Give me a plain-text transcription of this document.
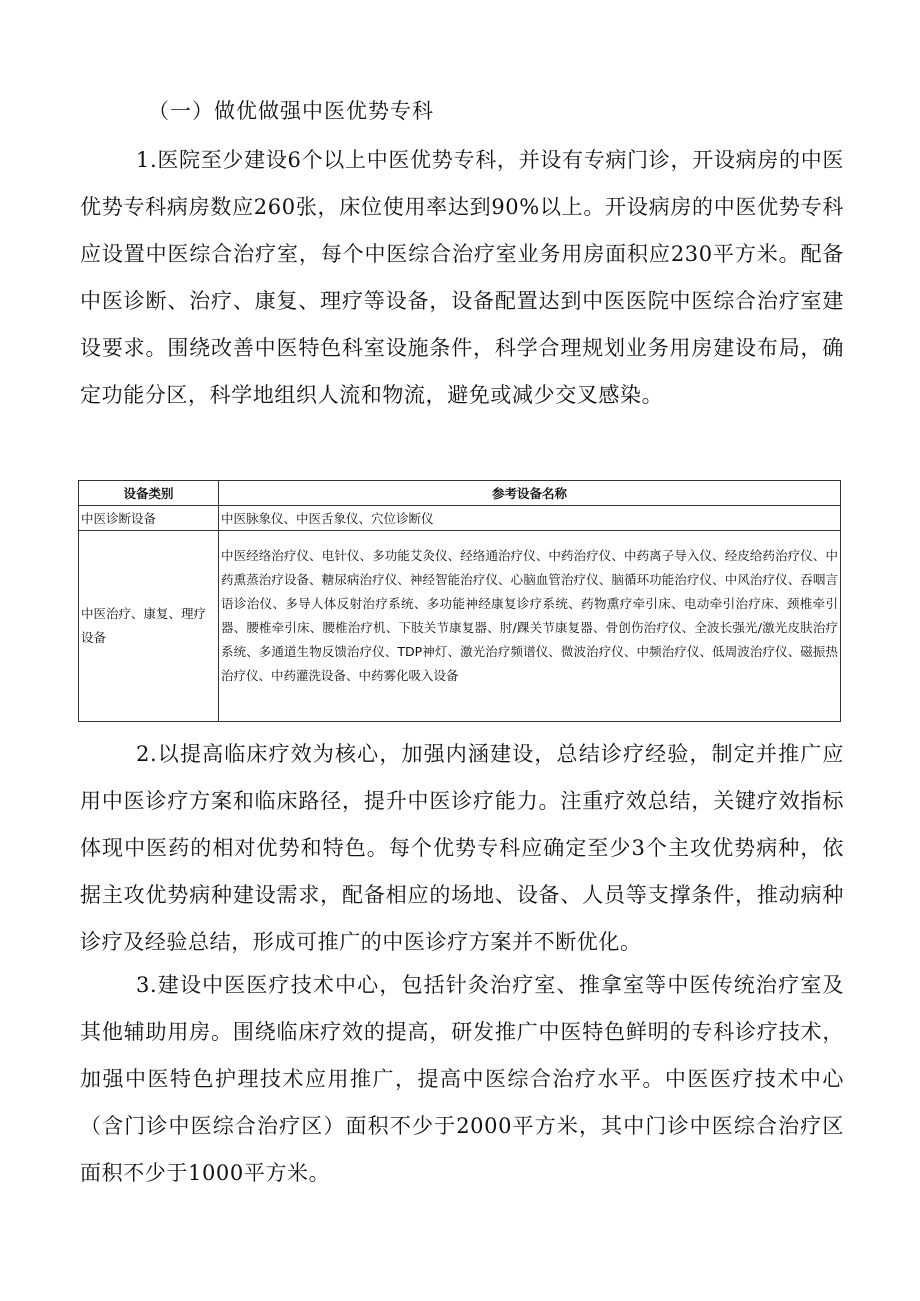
（一）做优做强中医优势专科

1.医院至少建设6个以上中医优势专科，并设有专病门诊，开设病房的中医优势专科病房数应260张，床位使用率达到90%以上。开设病房的中医优势专科应设置中医综合治疗室，每个中医综合治疗室业务用房面积应230平方米。配备中医诊断、治疗、康复、理疗等设备，设备配置达到中医医院中医综合治疗室建设要求。围绕改善中医特色科室设施条件，科学合理规划业务用房建设布局，确定功能分区，科学地组织人流和物流，避免或减少交叉感染。

设备类别	参考设备名称
中医诊断设备	中医脉象仪、中医舌象仪、穴位诊断仪
中医治疗、康复、理疗设备	中医经络治疗仪、电针仪、多功能艾灸仪、经络通治疗仪、中药治疗仪、中药离子导入仪、经皮给药治疗仪、中药熏蒸治疗设备、糖尿病治疗仪、神经智能治疗仪、心脑血管治疗仪、脑循环功能治疗仪、中风治疗仪、吞咽言语诊治仪、多导人体反射治疗系统、多功能神经康复诊疗系统、药物熏疗牵引床、电动牵引治疗床、颈椎牵引器、腰椎牵引床、腰椎治疗机、下肢关节康复器、肘/踝关节康复器、骨创伤治疗仪、全波长强光/激光皮肤治疗系统、多通道生物反馈治疗仪、TDP神灯、激光治疗频谱仪、微波治疗仪、中频治疗仪、低周波治疗仪、磁振热治疗仪、中药灌洗设备、中药雾化吸入设备

2.以提高临床疗效为核心，加强内涵建设，总结诊疗经验，制定并推广应用中医诊疗方案和临床路径，提升中医诊疗能力。注重疗效总结，关键疗效指标体现中医药的相对优势和特色。每个优势专科应确定至少3个主攻优势病种，依据主攻优势病种建设需求，配备相应的场地、设备、人员等支撑条件，推动病种诊疗及经验总结，形成可推广的中医诊疗方案并不断优化。

3.建设中医医疗技术中心，包括针灸治疗室、推拿室等中医传统治疗室及其他辅助用房。围绕临床疗效的提高，研发推广中医特色鲜明的专科诊疗技术，加强中医特色护理技术应用推广，提高中医综合治疗水平。中医医疗技术中心（含门诊中医综合治疗区）面积不少于2000平方米，其中门诊中医综合治疗区面积不少于1000平方米。
